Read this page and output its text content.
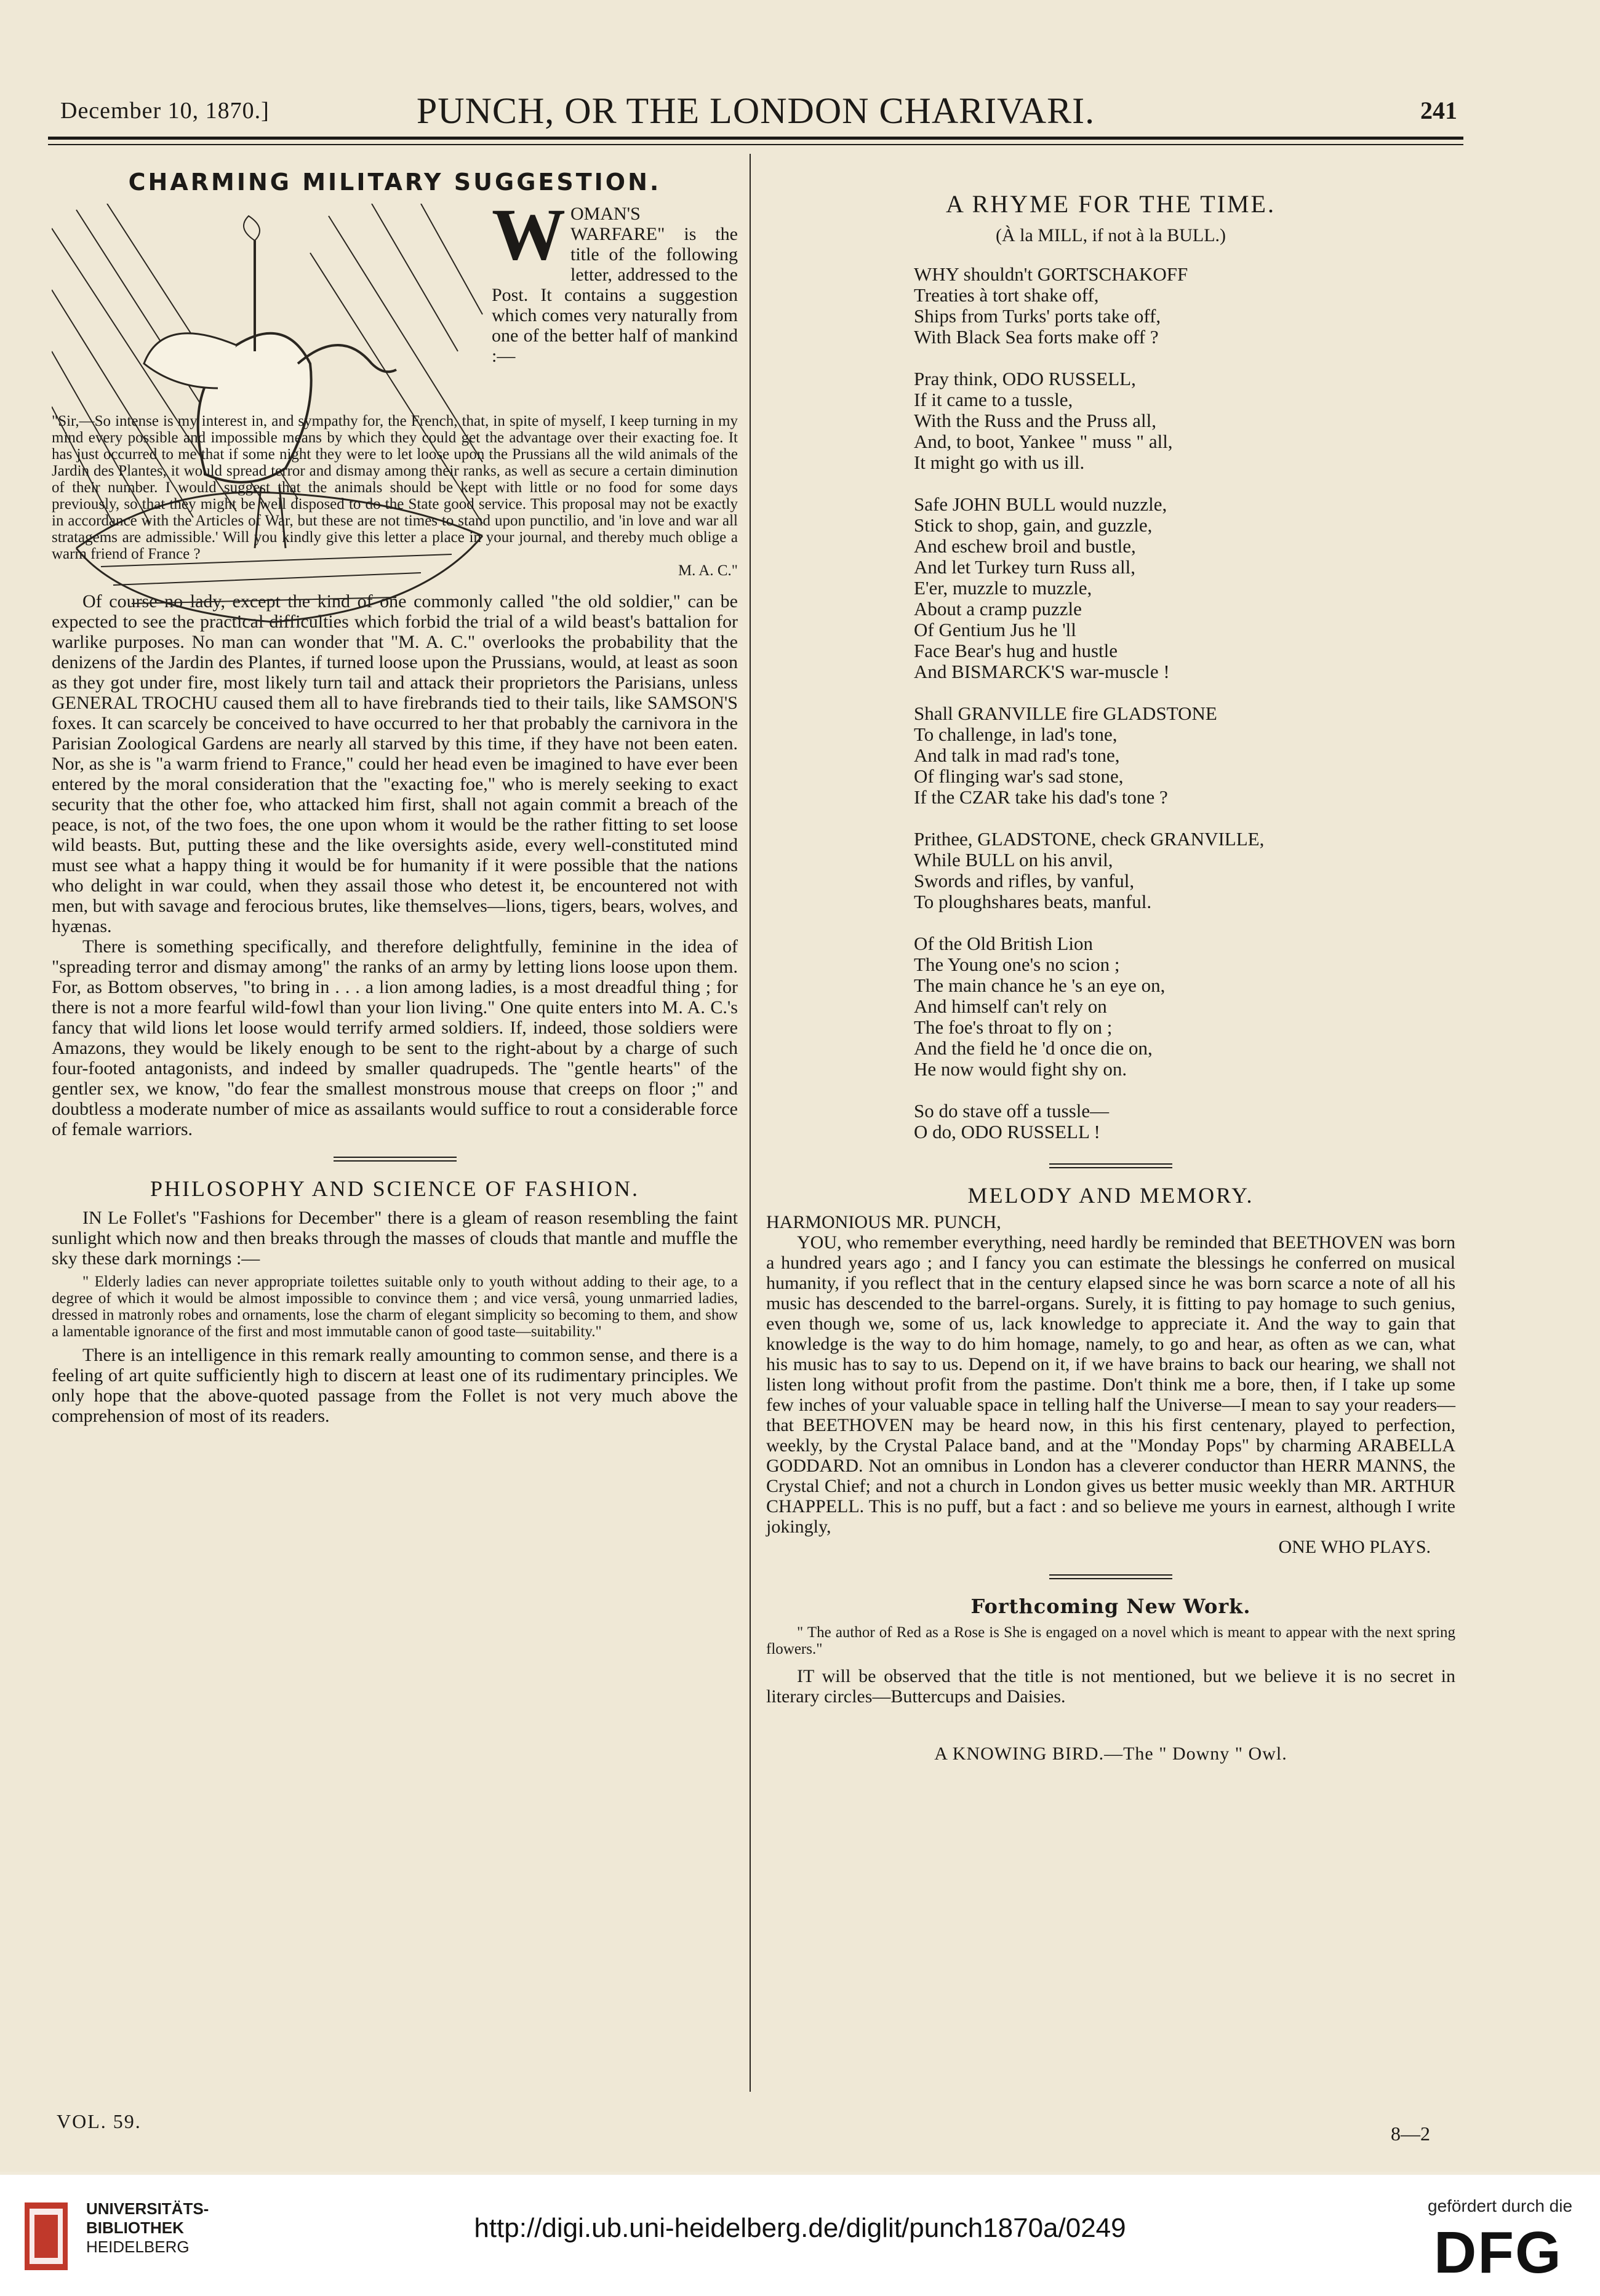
December 10, 1870.]	PUNCH, OR THE LONDON CHARIVARI.	241
CHARMING MILITARY SUGGESTION.
W OMAN'S WARFARE" is the title of the following letter, addressed to the Post. It contains a suggestion which comes very naturally from one of the better half of mankind :—
"Sir,—So intense is my interest in, and sympathy for, the French, that, in spite of myself, I keep turning in my mind every possible and impossible means by which they could get the advantage over their exacting foe. It has just occurred to me that if some night they were to let loose upon the Prussians all the wild animals of the Jardin des Plantes, it would spread terror and dismay among their ranks, as well as secure a certain diminution of their number. I would suggest that the animals should be kept with little or no food for some days previously, so that they might be well disposed to do the State good service. This proposal may not be exactly in accordance with the Articles of War, but these are not times to stand upon punctilio, and 'in love and war all stratagems are admissible.' Will you kindly give this letter a place in your journal, and thereby much oblige a warm friend of France ?
M. A. C."

Of course no lady, except the kind of one commonly called "the old soldier," can be expected to see the practical difficulties which forbid the trial of a wild beast's battalion for warlike purposes. No man can wonder that "M. A. C." overlooks the probability that the denizens of the Jardin des Plantes, if turned loose upon the Prussians, would, at least as soon as they got under fire, most likely turn tail and attack their proprietors the Parisians, unless GENERAL TROCHU caused them all to have firebrands tied to their tails, like SAMSON'S foxes. It can scarcely be conceived to have occurred to her that probably the carnivora in the Parisian Zoological Gardens are nearly all starved by this time, if they have not been eaten. Nor, as she is "a warm friend to France," could her head even be imagined to have ever been entered by the moral consideration that the "exacting foe," who is merely seeking to exact security that the other foe, who attacked him first, shall not again commit a breach of the peace, is not, of the two foes, the one upon whom it would be the rather fitting to set loose wild beasts. But, putting these and the like oversights aside, every well-constituted mind must see what a happy thing it would be for humanity if it were possible that the nations who delight in war could, when they assail those who detest it, be encountered not with men, but with savage and ferocious brutes, like themselves—lions, tigers, bears, wolves, and hyænas.

There is something specifically, and therefore delightfully, feminine in the idea of "spreading terror and dismay among" the ranks of an army by letting lions loose upon them. For, as Bottom observes, "to bring in . . . a lion among ladies, is a most dreadful thing ; for there is not a more fearful wild-fowl than your lion living." One quite enters into M. A. C.'s fancy that wild lions let loose would terrify armed soldiers. If, indeed, those soldiers were Amazons, they would be likely enough to be sent to the right-about by a charge of such four-footed antagonists, and indeed by smaller quadrupeds. The "gentle hearts" of the gentler sex, we know, "do fear the smallest monstrous mouse that creeps on floor ;" and doubtless a moderate number of mice as assailants would suffice to rout a considerable force of female warriors.

PHILOSOPHY AND SCIENCE OF FASHION.

IN Le Follet's "Fashions for December" there is a gleam of reason resembling the faint sunlight which now and then breaks through the masses of clouds that mantle and muffle the sky these dark mornings :—

" Elderly ladies can never appropriate toilettes suitable only to youth without adding to their age, to a degree of which it would be almost impossible to convince them ; and vice versâ, young unmarried ladies, dressed in matronly robes and ornaments, lose the charm of elegant simplicity so becoming to them, and show a lamentable ignorance of the first and most immutable canon of good taste—suitability."

There is an intelligence in this remark really amounting to common sense, and there is a feeling of art quite sufficiently high to discern at least one of its rudimentary principles. We only hope that the above-quoted passage from the Follet is not very much above the comprehension of most of its readers.

A RHYME FOR THE TIME.
(À la MILL, if not à la BULL.)
WHY shouldn't GORTSCHAKOFF
Treaties à tort shake off,
Ships from Turks' ports take off,
With Black Sea forts make off ?
Pray think, ODO RUSSELL,
If it came to a tussle,
With the Russ and the Pruss all,
And, to boot, Yankee " muss " all,
It might go with us ill.
Safe JOHN BULL would nuzzle,
Stick to shop, gain, and guzzle,
And eschew broil and bustle,
And let Turkey turn Russ all,
E'er, muzzle to muzzle,
About a cramp puzzle
Of Gentium Jus he 'll
Face Bear's hug and hustle
And BISMARCK'S war-muscle !
Shall GRANVILLE fire GLADSTONE
To challenge, in lad's tone,
And talk in mad rad's tone,
Of flinging war's sad stone,
If the CZAR take his dad's tone ?
Prithee, GLADSTONE, check GRANVILLE,
While BULL on his anvil,
Swords and rifles, by vanful,
To ploughshares beats, manful.
Of the Old British Lion
The Young one's no scion ;
The main chance he 's an eye on,
And himself can't rely on
The foe's throat to fly on ;
And the field he 'd once die on,
He now would fight shy on.
So do stave off a tussle—
O do, ODO RUSSELL !
MELODY AND MEMORY.
HARMONIOUS MR. PUNCH,

YOU, who remember everything, need hardly be reminded that BEETHOVEN was born a hundred years ago ; and I fancy you can estimate the blessings he conferred on musical humanity, if you reflect that in the century elapsed since he was born scarce a note of all his music has descended to the barrel-organs. Surely, it is fitting to pay homage to such genius, even though we, some of us, lack knowledge to appreciate it. And the way to gain that knowledge is the way to do him homage, namely, to go and hear, as often as we can, what his music has to say to us. Depend on it, if we have brains to back our hearing, we shall not listen long without profit from the pastime. Don't think me a bore, then, if I take up some few inches of your valuable space in telling half the Universe—I mean to say your readers—that BEETHOVEN may be heard now, in this his first centenary, played to perfection, weekly, by the Crystal Palace band, and at the "Monday Pops" by charming ARABELLA GODDARD. Not an omnibus in London has a cleverer conductor than HERR MANNS, the Crystal Chief; and not a church in London gives us better music weekly than MR. ARTHUR CHAPPELL. This is no puff, but a fact : and so believe me yours in earnest, although I write jokingly,

ONE WHO PLAYS.
Forthcoming New Work.

" The author of Red as a Rose is She is engaged on a novel which is meant to appear with the next spring flowers."

IT will be observed that the title is not mentioned, but we believe it is no secret in literary circles—Buttercups and Daisies.

A KNOWING BIRD.—The " Downy " Owl.
VOL. 59.
8—2
UNIVERSITÄTS-
BIBLIOTHEK
HEIDELBERG
http://digi.ub.uni-heidelberg.de/diglit/punch1870a/0249
gefördert durch die
DFG
